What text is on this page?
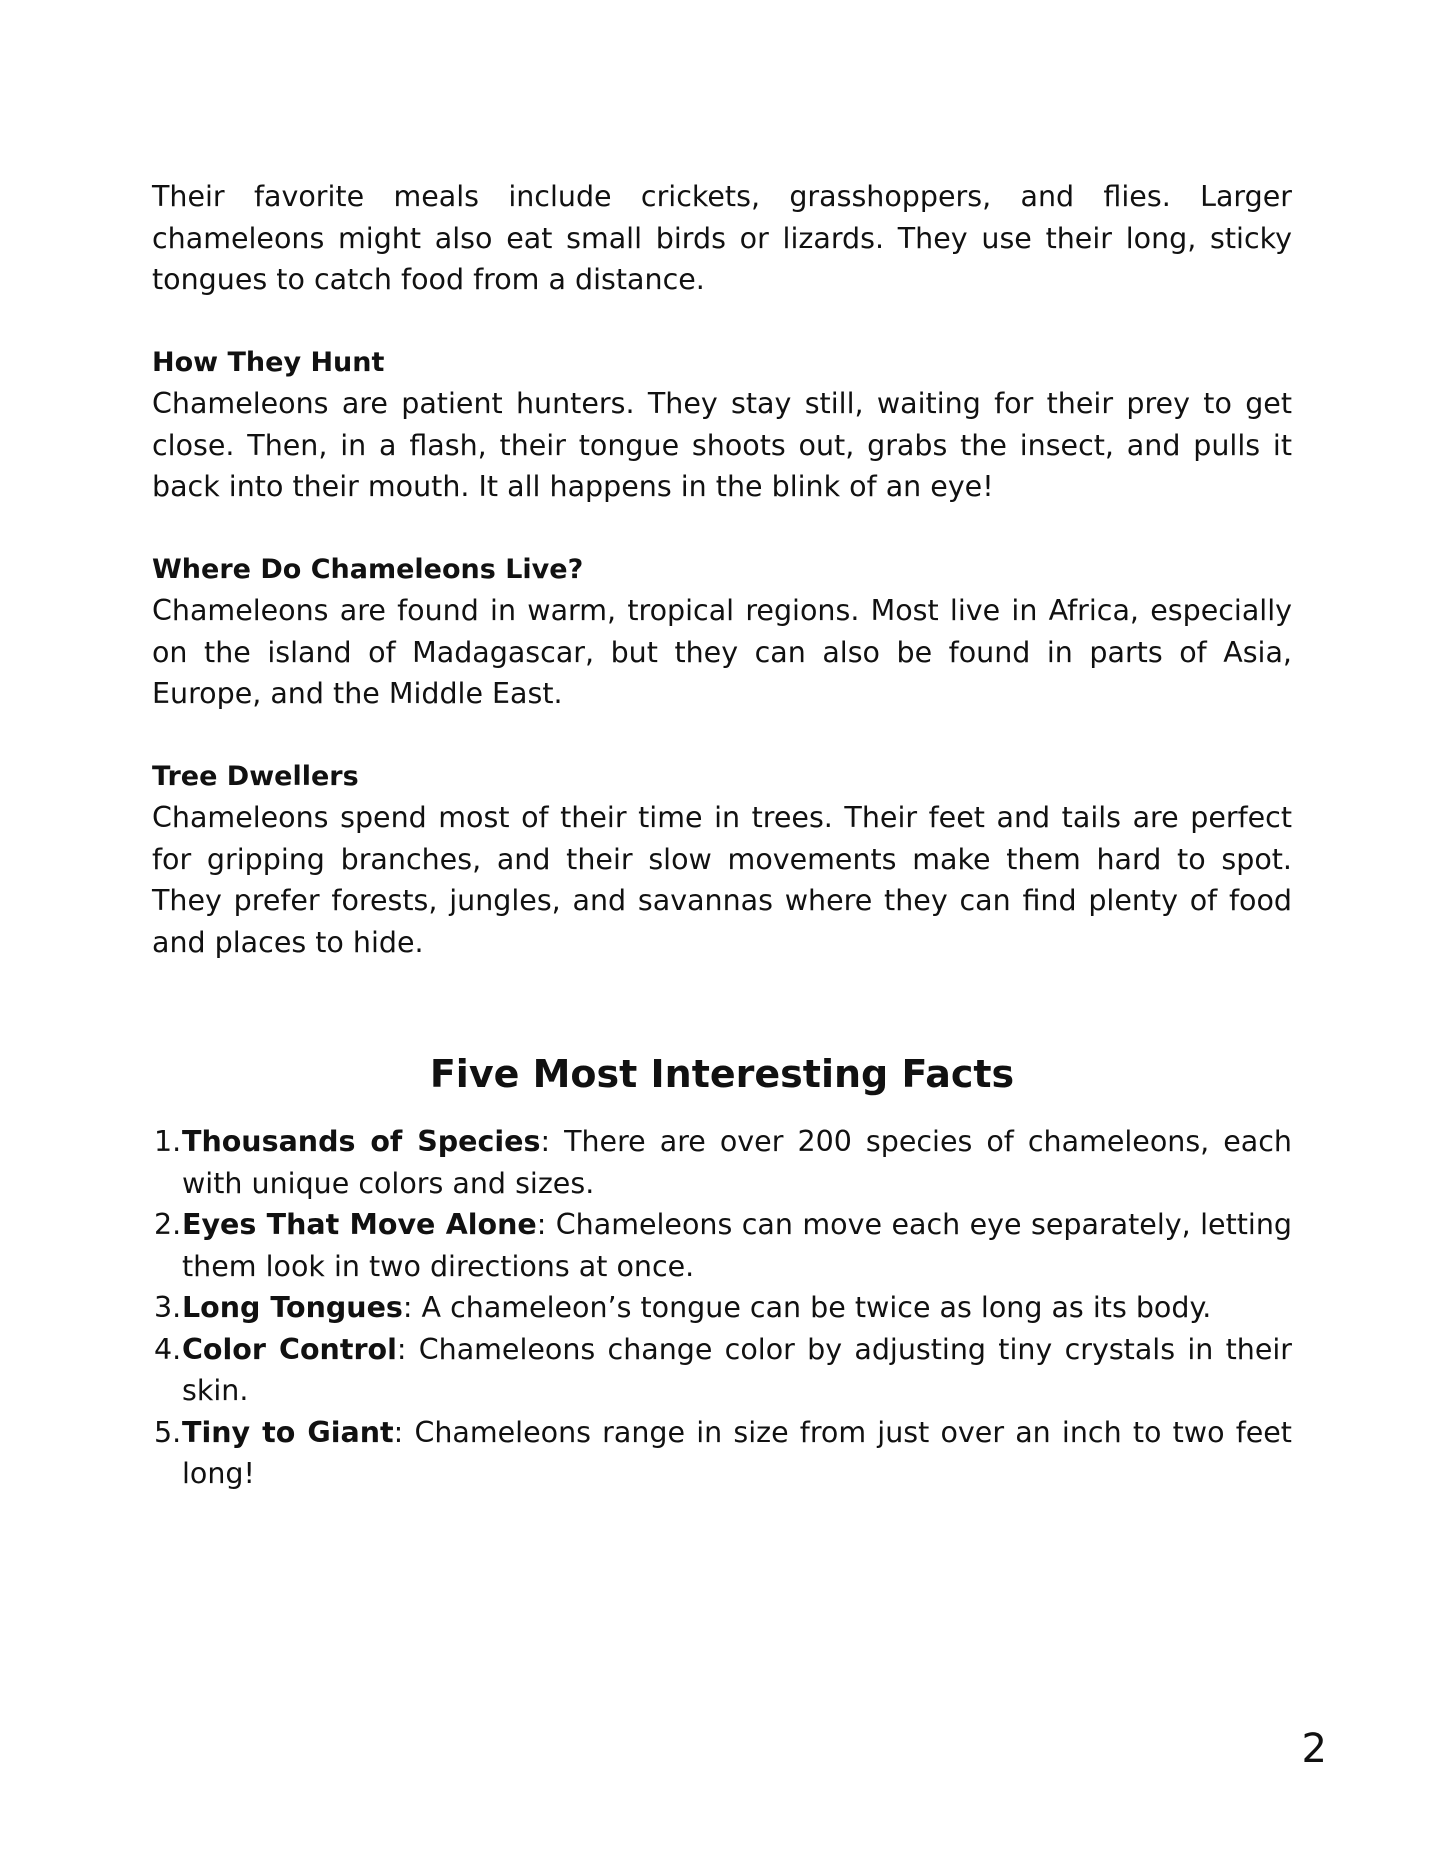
Their favorite meals include crickets, grasshoppers, and flies. Larger chameleons might also eat small birds or lizards. They use their long, sticky tongues to catch food from a distance.

How They Hunt

Chameleons are patient hunters. They stay still, waiting for their prey to get close. Then, in a flash, their tongue shoots out, grabs the insect, and pulls it back into their mouth. It all happens in the blink of an eye!

Where Do Chameleons Live?

Chameleons are found in warm, tropical regions. Most live in Africa, especially on the island of Madagascar, but they can also be found in parts of Asia, Europe, and the Middle East.

Tree Dwellers

Chameleons spend most of their time in trees. Their feet and tails are perfect for gripping branches, and their slow movements make them hard to spot. They prefer forests, jungles, and savannas where they can find plenty of food and places to hide.

Five Most Interesting Facts
1. Thousands of Species: There are over 200 species of chameleons, each with unique colors and sizes.
2. Eyes That Move Alone: Chameleons can move each eye separately, letting them look in two directions at once.
3. Long Tongues: A chameleon’s tongue can be twice as long as its body.
4. Color Control: Chameleons change color by adjusting tiny crystals in their skin.
5. Tiny to Giant: Chameleons range in size from just over an inch to two feet long!
2
